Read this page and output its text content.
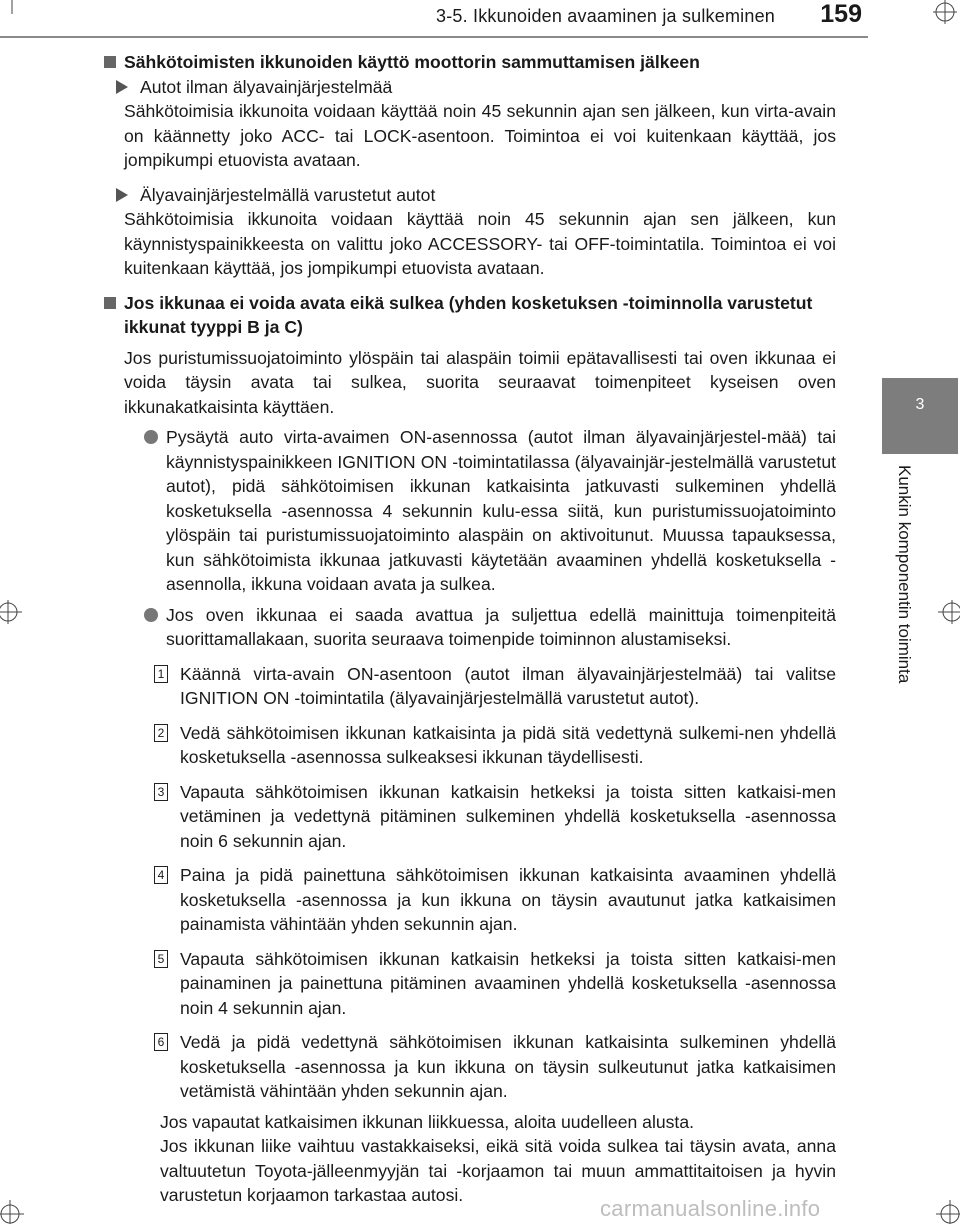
3-5. Ikkunoiden avaaminen ja sulkeminen 159
3
Kunkin komponentin toiminta
Sähkötoimisten ikkunoiden käyttö moottorin sammuttamisen jälkeen
Autot ilman älyavainjärjestelmää

Sähkötoimisia ikkunoita voidaan käyttää noin 45 sekunnin ajan sen jälkeen, kun virta-avain on käännetty joko ACC- tai LOCK-asentoon. Toimintoa ei voi kuitenkaan käyttää, jos jompikumpi etuovista avataan.

Älyavainjärjestelmällä varustetut autot

Sähkötoimisia ikkunoita voidaan käyttää noin 45 sekunnin ajan sen jälkeen, kun käynnistyspainikkeesta on valittu joko ACCESSORY- tai OFF-toimintatila. Toimintoa ei voi kuitenkaan käyttää, jos jompikumpi etuovista avataan.

Jos ikkunaa ei voida avata eikä sulkea (yhden kosketuksen -toiminnolla varustetut ikkunat tyyppi B ja C)

Jos puristumissuojatoiminto ylöspäin tai alaspäin toimii epätavallisesti tai oven ikkunaa ei voida täysin avata tai sulkea, suorita seuraavat toimenpiteet kyseisen oven ikkunakatkaisinta käyttäen.

Pysäytä auto virta-avaimen ON-asennossa (autot ilman älyavainjärjestel-mää) tai käynnistyspainikkeen IGNITION ON -toimintatilassa (älyavainjär-jestelmällä varustetut autot), pidä sähkötoimisen ikkunan katkaisinta jatkuvasti sulkeminen yhdellä kosketuksella -asennossa 4 sekunnin kulu-essa siitä, kun puristumissuojatoiminto ylöspäin tai puristumissuojatoiminto alaspäin on aktivoitunut. Muussa tapauksessa, kun sähkötoimista ikkunaa jatkuvasti käytetään avaaminen yhdellä kosketuksella -asennolla, ikkuna voidaan avata ja sulkea.
Jos oven ikkunaa ei saada avattua ja suljettua edellä mainittuja toimenpiteitä suorittamallakaan, suorita seuraava toimenpide toiminnon alustamiseksi.
1 Käännä virta-avain ON-asentoon (autot ilman älyavainjärjestelmää) tai valitse IGNITION ON -toimintatila (älyavainjärjestelmällä varustetut autot).
2 Vedä sähkötoimisen ikkunan katkaisinta ja pidä sitä vedettynä sulkemi-nen yhdellä kosketuksella -asennossa sulkeaksesi ikkunan täydellisesti.
3 Vapauta sähkötoimisen ikkunan katkaisin hetkeksi ja toista sitten katkaisi-men vetäminen ja vedettynä pitäminen sulkeminen yhdellä kosketuksella -asennossa noin 6 sekunnin ajan.
4 Paina ja pidä painettuna sähkötoimisen ikkunan katkaisinta avaaminen yhdellä kosketuksella -asennossa ja kun ikkuna on täysin avautunut jatka katkaisimen painamista vähintään yhden sekunnin ajan.
5 Vapauta sähkötoimisen ikkunan katkaisin hetkeksi ja toista sitten katkaisi-men painaminen ja painettuna pitäminen avaaminen yhdellä kosketuksella -asennossa noin 4 sekunnin ajan.
6 Vedä ja pidä vedettynä sähkötoimisen ikkunan katkaisinta sulkeminen yhdellä kosketuksella -asennossa ja kun ikkuna on täysin sulkeutunut jatka katkaisimen vetämistä vähintään yhden sekunnin ajan.

Jos vapautat katkaisimen ikkunan liikkuessa, aloita uudelleen alusta.

Jos ikkunan liike vaihtuu vastakkaiseksi, eikä sitä voida sulkea tai täysin avata, anna valtuutetun Toyota-jälleenmyyjän tai -korjaamon tai muun ammattitaitoisen ja hyvin varustetun korjaamon tarkastaa autosi.

carmanualsonline.info
